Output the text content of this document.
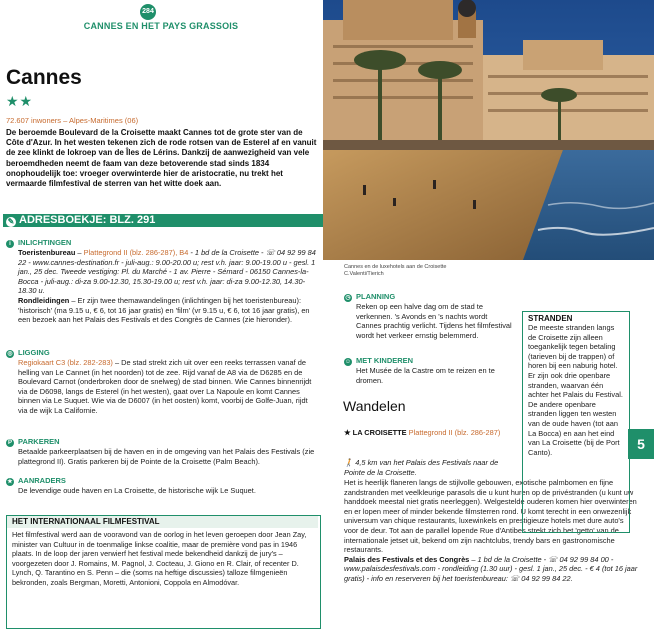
284
CANNES EN HET PAYS GRASSOIS
Cannes
★★
72.607 inwoners – Alpes-Maritimes (06)
De beroemde Boulevard de la Croisette maakt Cannes tot de grote ster van de Côte d'Azur. In het westen tekenen zich de rode rotsen van de Esterel af en vanuit de zee klinkt de lokroep van de Îles de Lérins. Dankzij de aanwezigheid van vele beroemdheden neemt de faam van deze betoverende stad sinds 1834 onophoudelijk toe: vroeger overwinterde hier de aristocratie, nu trekt het vermaarde filmfestival de sterren van het witte doek aan.
✎ ADRESBOEKJE: BLZ. 291
i INLICHTINGEN
Toeristenbureau – Plattegrond II (blz. 286-287), B4 - 1 bd de la Croisette - ☏ 04 92 99 84 22 - www.cannes-destination.fr - juli-aug.: 9.00-20.00 u; rest v.h. jaar: 9.00-19.00 u - gesl. 1 jan., 25 dec. Tweede vestiging: Pl. du Marché - 1 av. Pierre - Sémard - 06150 Cannes-la-Bocca - juli-aug.: di-za 9.00-12.30, 15.30-19.00 u; rest v.h. jaar: di-za 9.00-12.30, 14.30-18.30 u.
Rondleidingen – Er zijn twee themawandelingen (inlichtingen bij het toeristenbureau): 'historisch' (ma 9.15 u, € 6, tot 16 jaar gratis) en 'film' (vr 9.15 u, € 6, tot 16 jaar gratis), en een bezoek aan het Palais des Festivals et des Congrès de Cannes (zie hieronder).
◎ LIGGING
Regiokaart C3 (blz. 282-283) – De stad strekt zich uit over een reeks terrassen vanaf de helling van Le Cannet (in het noorden) tot de zee. Rijd vanaf de A8 via de D6285 en de Boulevard Carnot (onderbroken door de snelweg) de stad binnen. Wie Cannes binnenrijdt via de D6098, langs de Esterel (in het westen), gaat over La Napoule en komt Cannes binnen via Le Suquet. Wie via de D6007 (in het oosten) komt, voorbij de Golfe-Juan, rijdt via de wijk La Californie.
P PARKEREN
Betaalde parkeerplaatsen bij de haven en in de omgeving van het Palais des Festivals (zie plattegrond II). Gratis parkeren bij de Pointe de la Croisette (Palm Beach).
★ AANRADERS
De levendige oude haven en La Croisette, de historische wijk Le Suquet.
HET INTERNATIONAAL FILMFESTIVAL
Het filmfestival werd aan de vooravond van de oorlog in het leven geroepen door Jean Zay, minister van Cultuur in de toenmalige linkse coalitie, maar de première vond pas in 1946 plaats. In de loop der jaren verwierf het festival mede bekendheid dankzij de jury's – voorgezeten door J. Romains, M. Pagnol, J. Cocteau, J. Giono en R. Clair, of recenter D. Lynch, Q. Tarantino en S. Penn – die (soms na heftige discussies) talloze filmgenieën bekronden, zoals Bergman, Moretti, Antonioni, Coppola en Almodóvar.
Cannes en de luxehotels aan de Croisette
C.Valenti/Tierich
◷ PLANNING
Reken op een halve dag om de stad te verkennen. 's Avonds en 's nachts wordt Cannes prachtig verlicht. Tijdens het filmfestival wordt het verkeer ernstig belemmerd.
☺ MET KINDEREN
Het Musée de la Castre om te reizen en te dromen.
Wandelen
★ LA CROISETTE Plattegrond II (blz. 286-287)
🚶 4,5 km van het Palais des Festivals naar de Pointe de la Croisette.
Het is heerlijk flaneren langs de stijlvolle gebouwen, exotische palmbomen en fijne zandstranden met veelkleurige parasols die u kunt huren op de privéstranden (u kunt uw handdoek meestal niet gratis neerleggen). Welgestelde ouderen komen hier overwinteren en er lopen meer of minder bekende filmsterren rond. U komt terecht in een onwezenlijk universum van chique restaurants, luxewinkels en prestigieuze hotels met dure auto's voor de deur. Tot aan de parallel lopende Rue d'Antibes strekt zich het 'getto' van de internationale jetset uit, bekend om zijn nachtclubs, trendy bars en gastronomische restaurants.
Palais des Festivals et des Congrès – 1 bd de la Croisette - ☏ 04 92 99 84 00 - www.palaisdesfestivals.com - rondleiding (1.30 uur) - gesl. 1 jan., 25 dec. - € 4 (tot 16 jaar gratis) - info en reserveren bij het toeristenbureau: ☏ 04 92 99 84 22.
STRANDEN
De meeste stranden langs de Croisette zijn alleen toegankelijk tegen betaling (tarieven bij de trappen) of horen bij een naburig hotel. Er zijn ook drie openbare stranden, waarvan één achter het Palais du Festival. De andere openbare stranden liggen ten westen van de oude haven (tot aan La Bocca) en aan het eind van La Croisette (bij de Port Canto).
5
